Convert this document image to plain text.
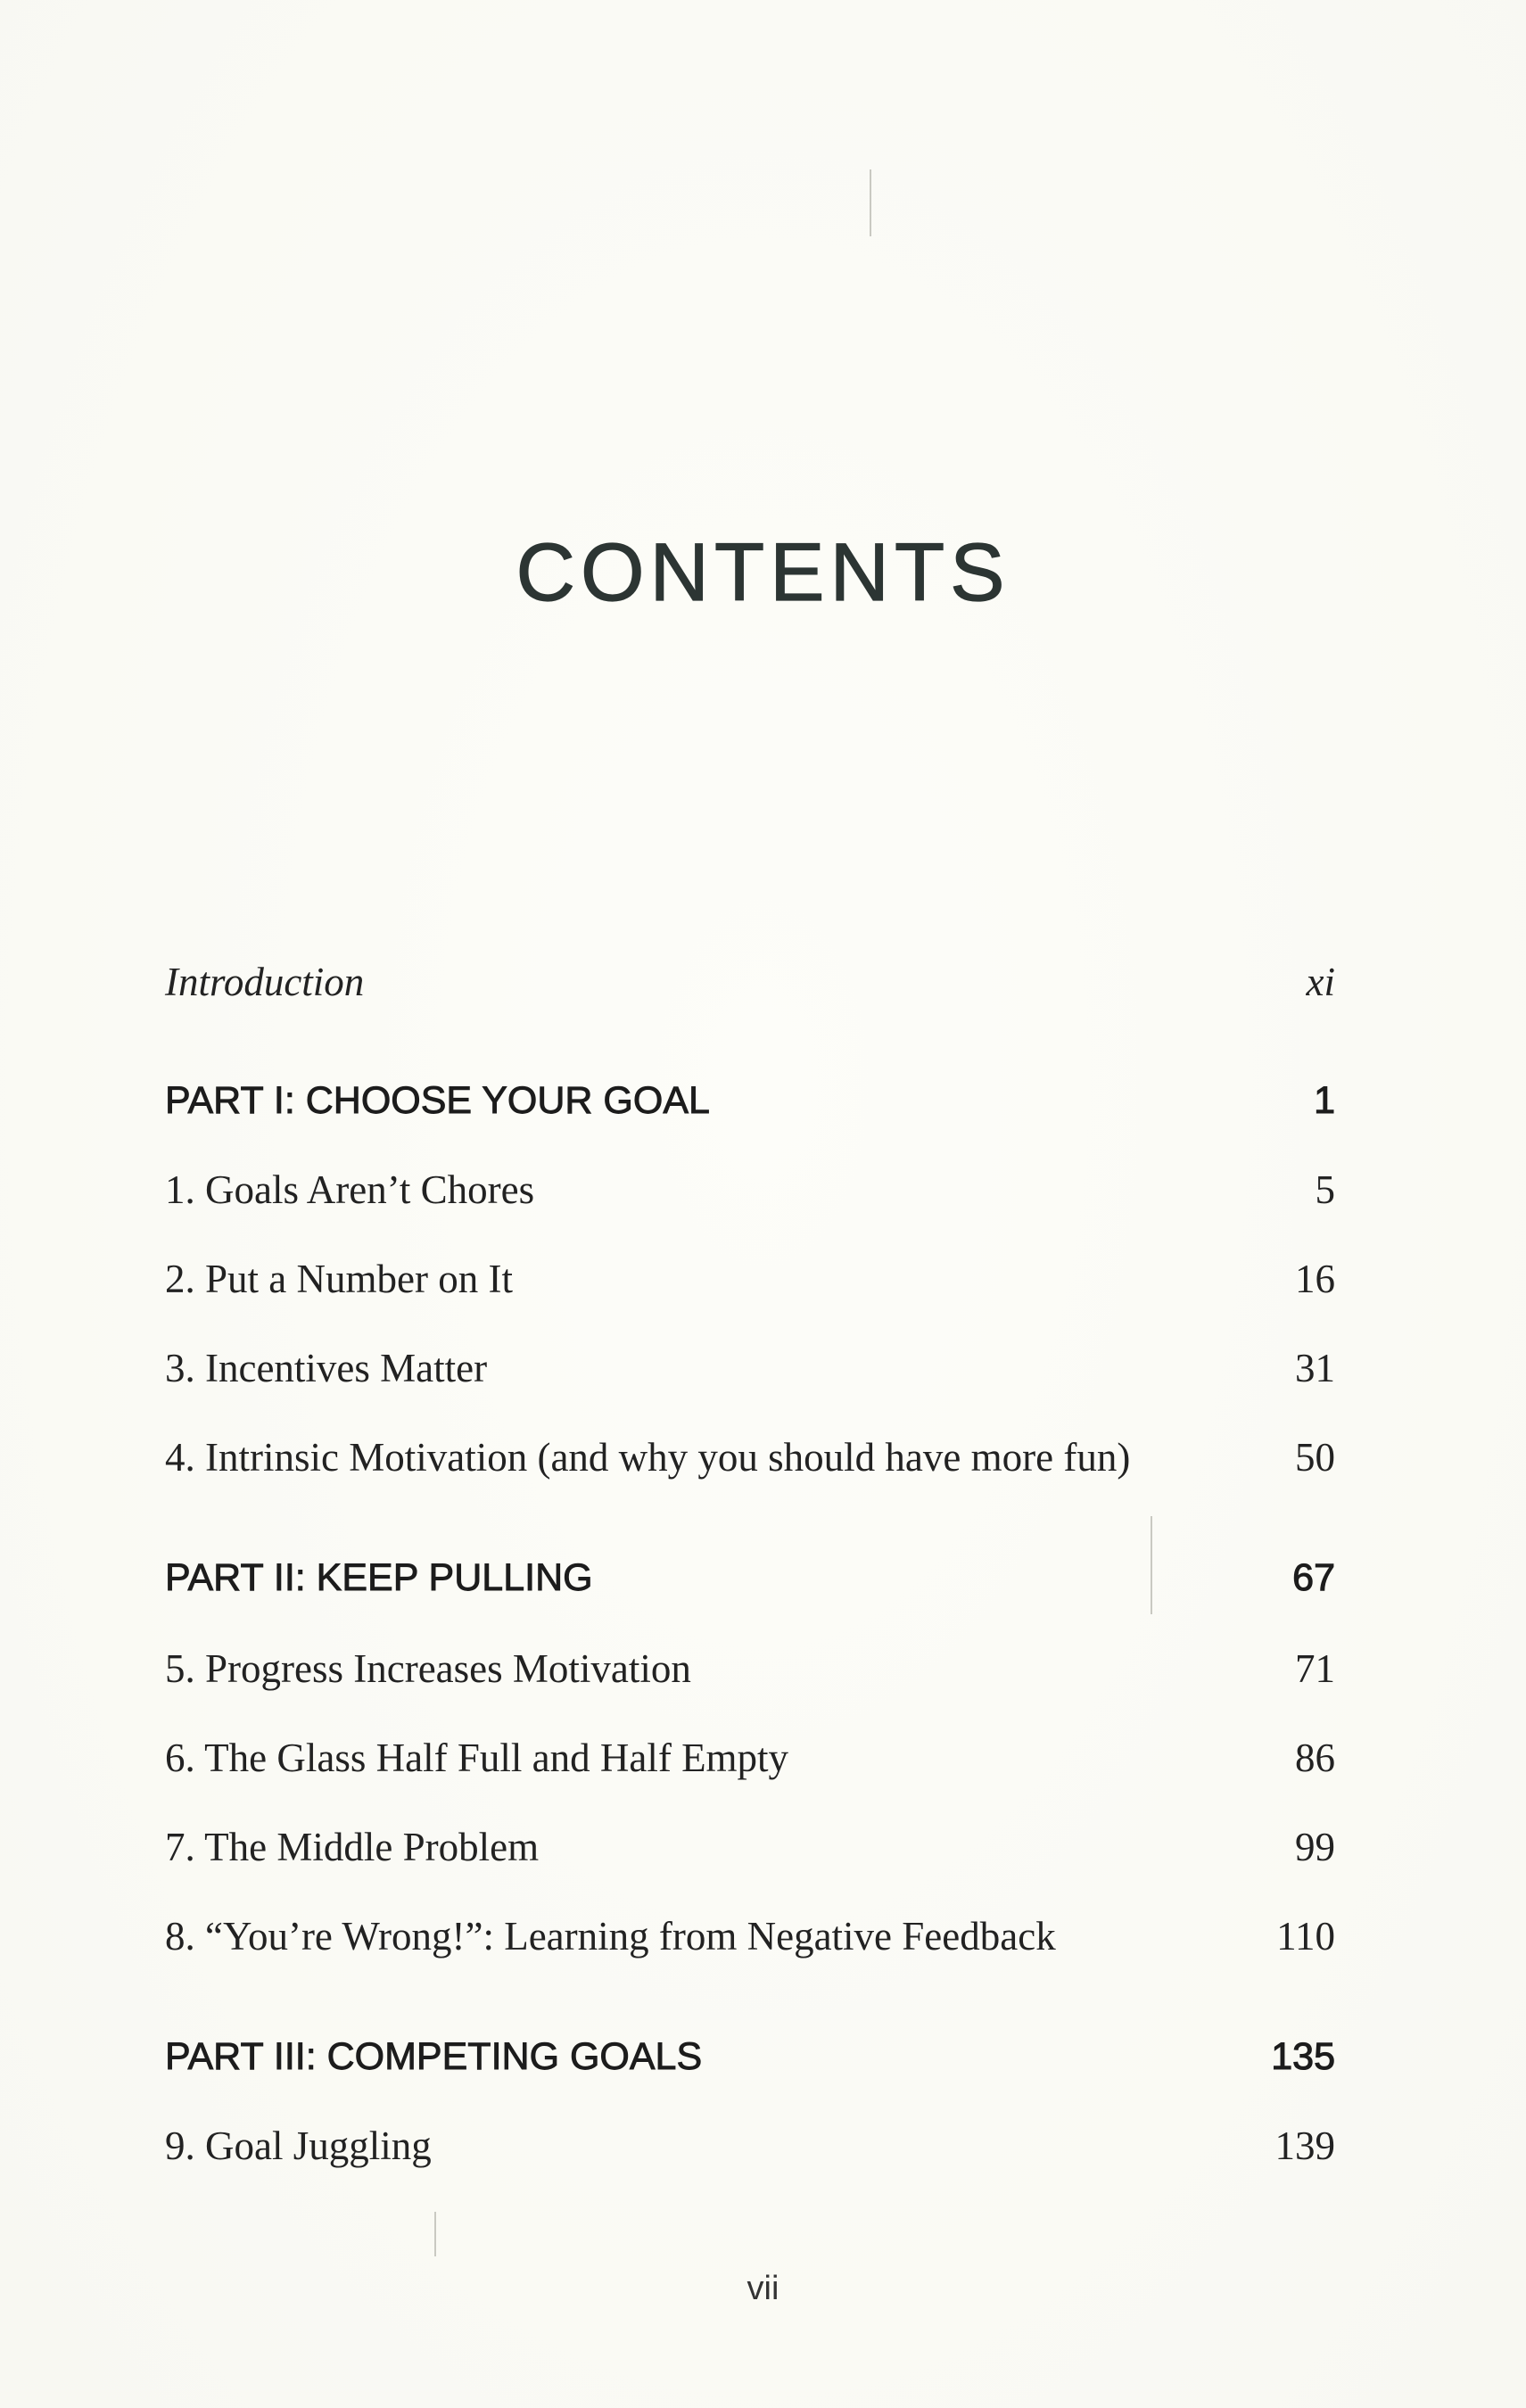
CONTENTS
Introduction	xi
PART I: CHOOSE YOUR GOAL	1
1. Goals Aren’t Chores	5
2. Put a Number on It	16
3. Incentives Matter	31
4. Intrinsic Motivation (and why you should have more fun)	50
PART II: KEEP PULLING	67
5. Progress Increases Motivation	71
6. The Glass Half Full and Half Empty	86
7. The Middle Problem	99
8. “You’re Wrong!”: Learning from Negative Feedback	110
PART III: COMPETING GOALS	135
9. Goal Juggling	139
vii
